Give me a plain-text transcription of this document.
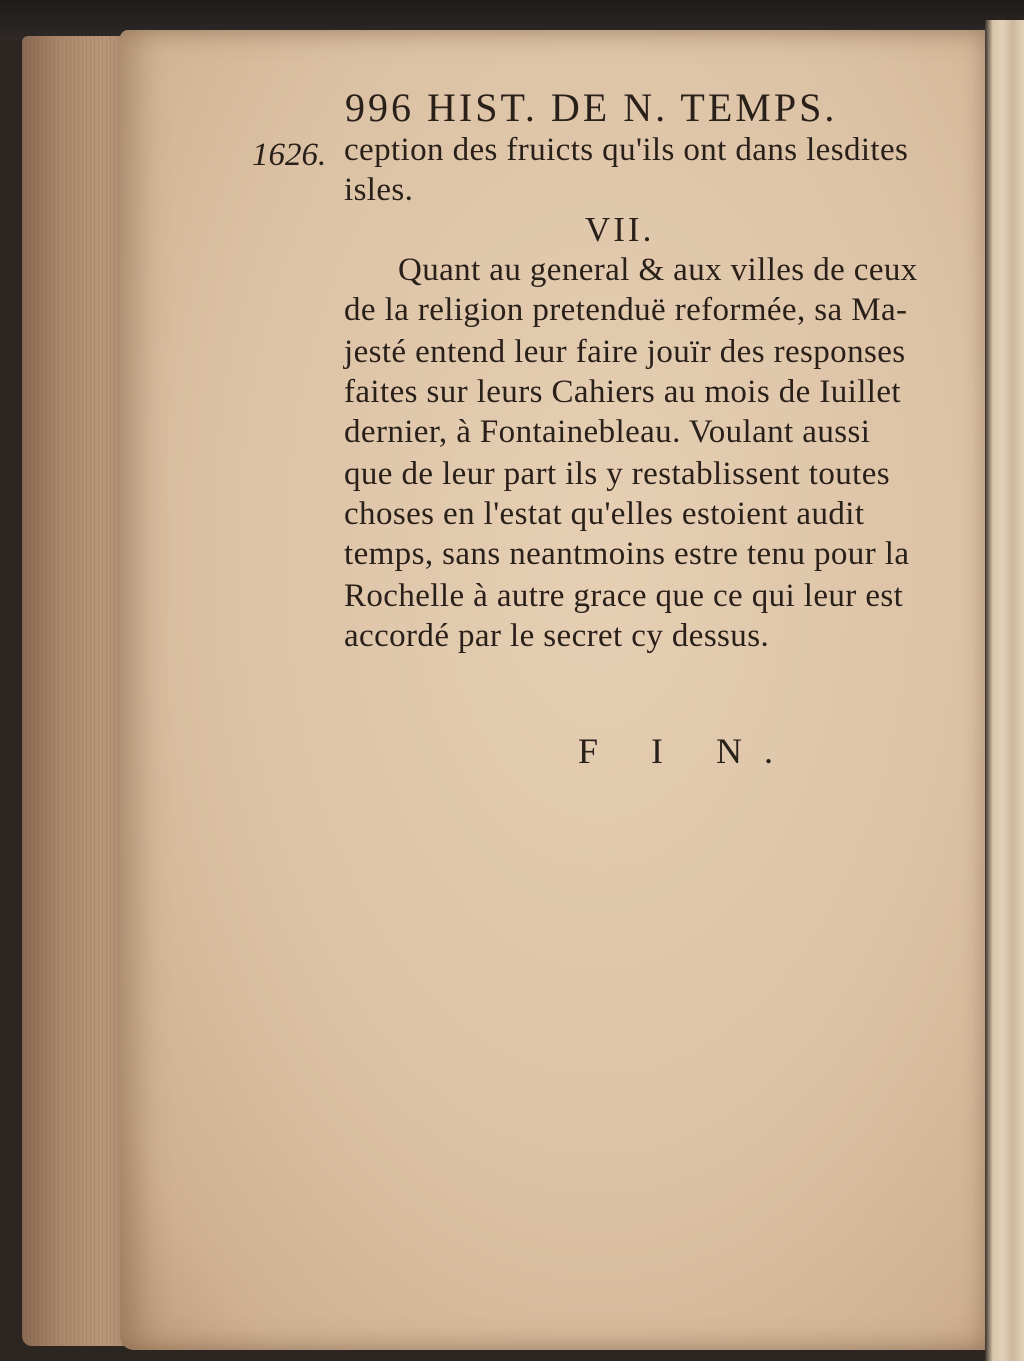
996 HIST. DE N. TEMPS.
1626. ception des fruicts qu'ils ont dans lesdites
isles.
VII.
Quant au general & aux villes de ceux
de la religion pretenduë reformée, sa Ma-
jesté entend leur faire jouïr des responses
faites sur leurs Cahiers au mois de Iuillet
dernier, à Fontainebleau. Voulant aussi
que de leur part ils y restablissent toutes
choses en l'estat qu'elles estoient audit
temps, sans neantmoins estre tenu pour la
Rochelle à autre grace que ce qui leur est
accordé par le secret cy dessus.
F I N.
